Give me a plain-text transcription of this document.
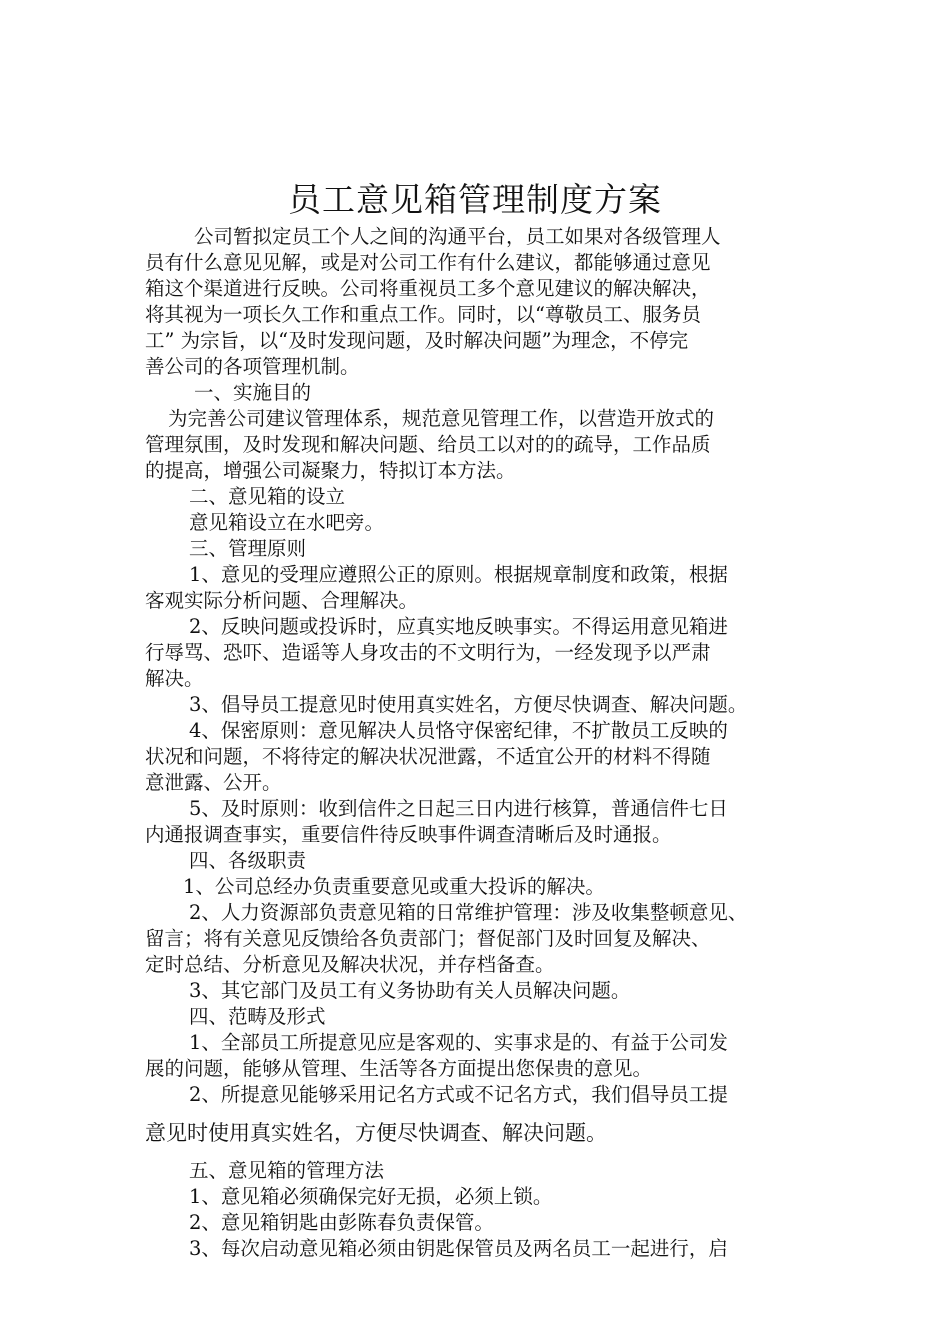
员工意见箱管理制度方案

公司暂拟定员工个人之间的沟通平台，员工如果对各级管理人

员有什么意见见解，或是对公司工作有什么建议，都能够通过意见

箱这个渠道进行反映。公司将重视员工多个意见建议的解决解决，

将其视为一项长久工作和重点工作。同时，以“尊敬员工、服务员

工” 为宗旨，以“及时发现问题，及时解决问题”为理念，不停完

善公司的各项管理机制。

一、实施目的

为完善公司建议管理体系，规范意见管理工作，以营造开放式的

管理氛围，及时发现和解决问题、给员工以对的的疏导，工作品质

的提高，增强公司凝聚力，特拟订本方法。

二、意见箱的设立

意见箱设立在水吧旁。

三、管理原则

1、意见的受理应遵照公正的原则。根据规章制度和政策，根据

客观实际分析问题、合理解决。

2、反映问题或投诉时，应真实地反映事实。不得运用意见箱进

行辱骂、恐吓、造谣等人身攻击的不文明行为，一经发现予以严肃

解决。

3、倡导员工提意见时使用真实姓名，方便尽快调查、解决问题。

4、保密原则：意见解决人员恪守保密纪律，不扩散员工反映的

状况和问题，不将待定的解决状况泄露，不适宜公开的材料不得随

意泄露、公开。

5、及时原则：收到信件之日起三日内进行核算，普通信件七日

内通报调查事实，重要信件待反映事件调查清晰后及时通报。

四、各级职责

1、公司总经办负责重要意见或重大投诉的解决。

2、人力资源部负责意见箱的日常维护管理：涉及收集整顿意见、

留言；将有关意见反馈给各负责部门；督促部门及时回复及解决、

定时总结、分析意见及解决状况，并存档备查。

3、其它部门及员工有义务协助有关人员解决问题。

四、范畴及形式

1、全部员工所提意见应是客观的、实事求是的、有益于公司发

展的问题，能够从管理、生活等各方面提出您保贵的意见。

2、所提意见能够采用记名方式或不记名方式，我们倡导员工提

意见时使用真实姓名，方便尽快调查、解决问题。

五、意见箱的管理方法

1、意见箱必须确保完好无损，必须上锁。

2、意见箱钥匙由彭陈春负责保管。

3、每次启动意见箱必须由钥匙保管员及两名员工一起进行，启
